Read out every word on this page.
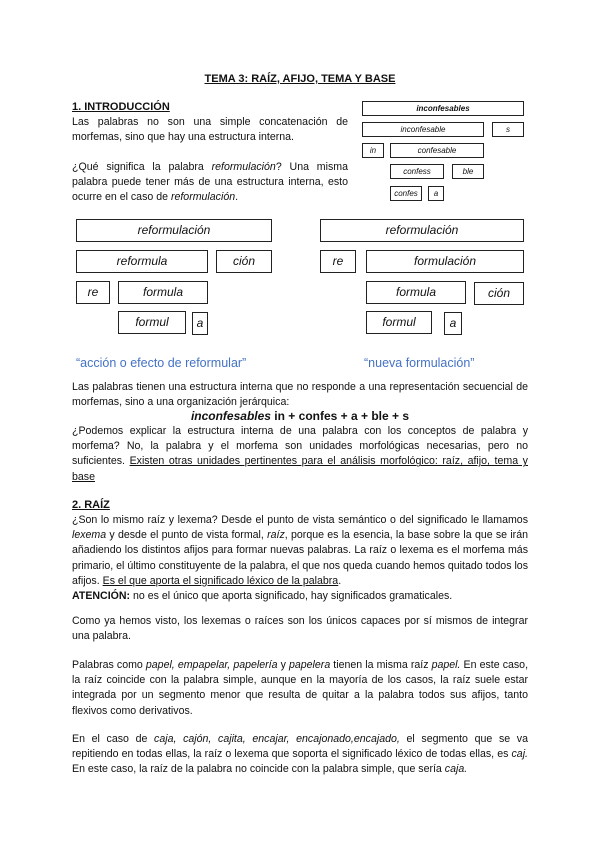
TEMA 3: RAÍZ, AFIJO, TEMA Y BASE
1. INTRODUCCIÓN

Las palabras no son una simple concatenación de morfemas, sino que hay una estructura interna.

¿Qué significa la palabra reformulación? Una misma palabra puede tener más de una estructura interna, esto ocurre en el caso de reformulación.

inconfesables
inconfesable	s
in	confesable
confess	ble
confes	a
reformulación
reformula	ción
re	formula
formul	a
“acción o efecto de reformular”
reformulación
re	formulación
formula	ción
formul	a
“nueva formulación”

Las palabras tienen una estructura interna que no responde a una representación secuencial de morfemas, sino a una organización jerárquica:

inconfesables in + confes + a + ble + s

¿Podemos explicar la estructura interna de una palabra con los conceptos de palabra y morfema? No, la palabra y el morfema son unidades morfológicas necesarias, pero no suficientes. Existen otras unidades pertinentes para el análisis morfológico: raíz, afijo, tema y base

2. RAÍZ

¿Son lo mismo raíz y lexema? Desde el punto de vista semántico o del significado le llamamos lexema y desde el punto de vista formal, raíz, porque es la esencia, la base sobre la que se irán añadiendo los distintos afijos para formar nuevas palabras. La raíz o lexema es el morfema más primario, el último constituyente de la palabra, el que nos queda cuando hemos quitado todos los afijos. Es el que aporta el significado léxico de la palabra.
ATENCIÓN: no es el único que aporta significado, hay significados gramaticales.

Como ya hemos visto, los lexemas o raíces son los únicos capaces por sí mismos de integrar una palabra.

Palabras como papel, empapelar, papelería y papelera tienen la misma raíz papel. En este caso, la raíz coincide con la palabra simple, aunque en la mayoría de los casos, la raíz suele estar integrada por un segmento menor que resulta de quitar a la palabra todos sus afijos, tanto flexivos como derivativos.

En el caso de caja, cajón, cajita, encajar, encajonado,encajado, el segmento que se va repitiendo en todas ellas, la raíz o lexema que soporta el significado léxico de todas ellas, es caj. En este caso, la raíz de la palabra no coincide con la palabra simple, que sería caja.
